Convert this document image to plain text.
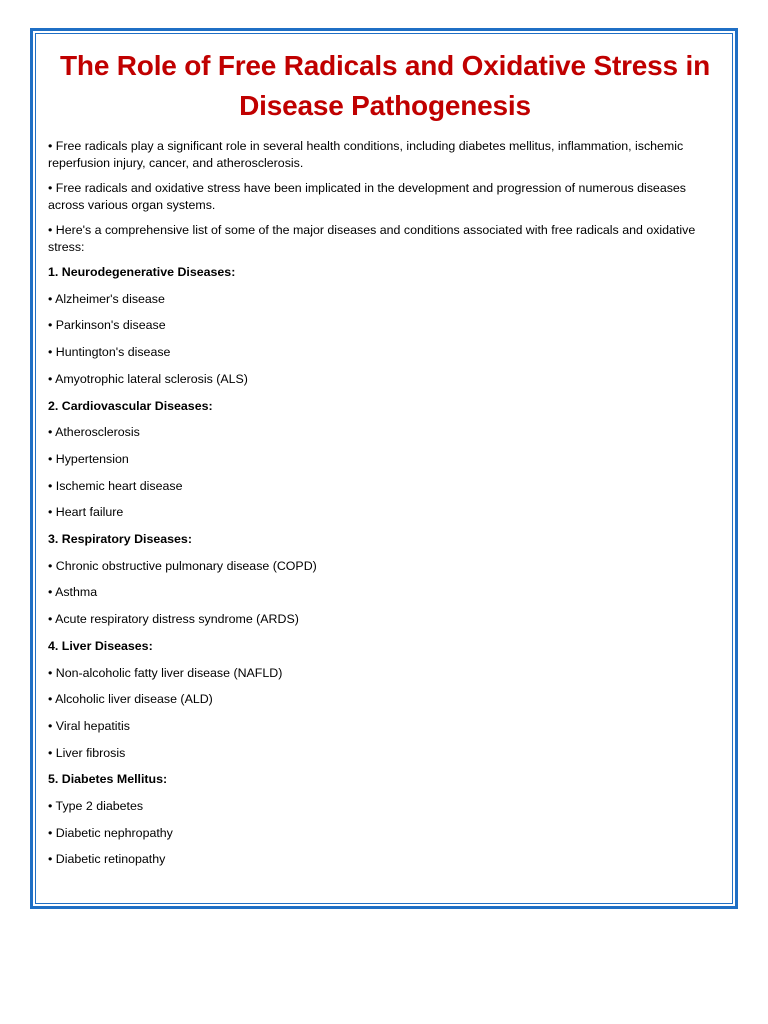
The Role of Free Radicals and Oxidative Stress in Disease Pathogenesis

• Free radicals play a significant role in several health conditions, including diabetes mellitus, inflammation, ischemic reperfusion injury, cancer, and atherosclerosis.

• Free radicals and oxidative stress have been implicated in the development and progression of numerous diseases across various organ systems.

• Here's a comprehensive list of some of the major diseases and conditions associated with free radicals and oxidative stress:

1. Neurodegenerative Diseases:

• Alzheimer's disease

• Parkinson's disease

• Huntington's disease

• Amyotrophic lateral sclerosis (ALS)

2. Cardiovascular Diseases:

• Atherosclerosis

• Hypertension

• Ischemic heart disease

• Heart failure

3. Respiratory Diseases:

• Chronic obstructive pulmonary disease (COPD)

• Asthma

• Acute respiratory distress syndrome (ARDS)

4. Liver Diseases:

• Non-alcoholic fatty liver disease (NAFLD)

• Alcoholic liver disease (ALD)

• Viral hepatitis

• Liver fibrosis

5. Diabetes Mellitus:

• Type 2 diabetes

• Diabetic nephropathy

• Diabetic retinopathy
